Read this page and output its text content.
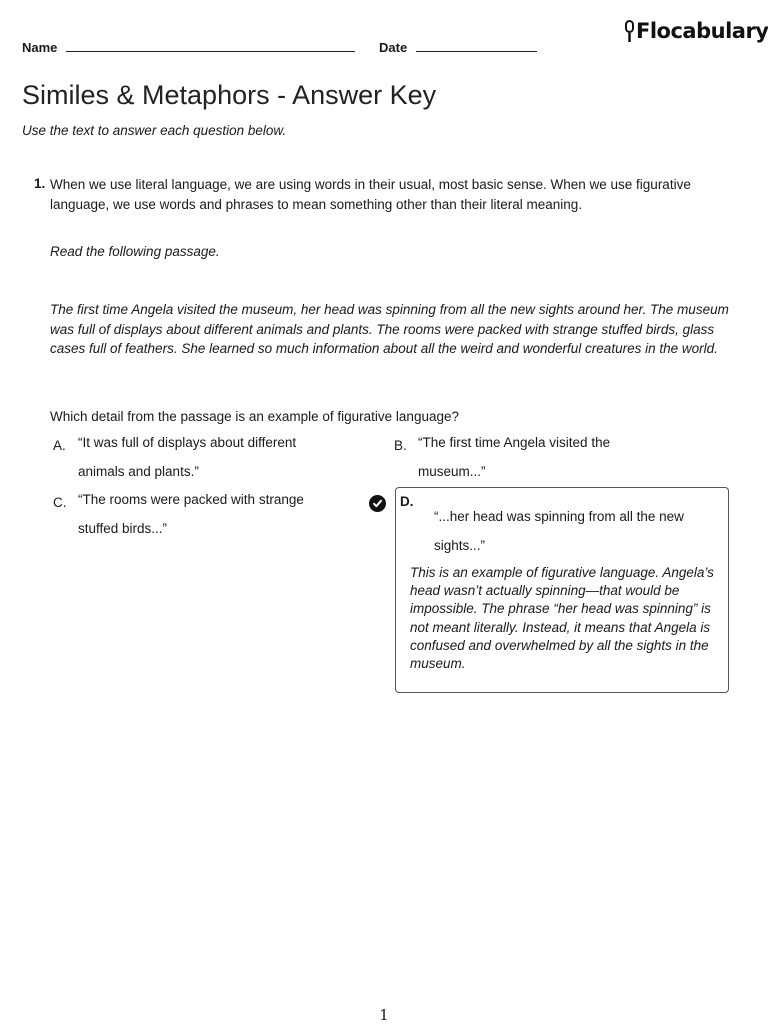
Name	Date
Flocabulary
Similes & Metaphors - Answer Key
Use the text to answer each question below.
1. When we use literal language, we are using words in their usual, most basic sense. When we use figurative language, we use words and phrases to mean something other than their literal meaning.
Read the following passage.
The first time Angela visited the museum, her head was spinning from all the new sights around her. The museum was full of displays about different animals and plants. The rooms were packed with strange stuffed birds, glass cases full of feathers. She learned so much information about all the weird and wonderful creatures in the world.
Which detail from the passage is an example of figurative language?
A. “It was full of displays about different animals and plants.”
B. “The first time Angela visited the museum...”
C. “The rooms were packed with strange stuffed birds...”
D.
“...her head was spinning from all the new sights...”
This is an example of figurative language. Angela’s head wasn’t actually spinning—that would be impossible. The phrase “her head was spinning” is not meant literally. Instead, it means that Angela is confused and overwhelmed by all the sights in the museum.
1
